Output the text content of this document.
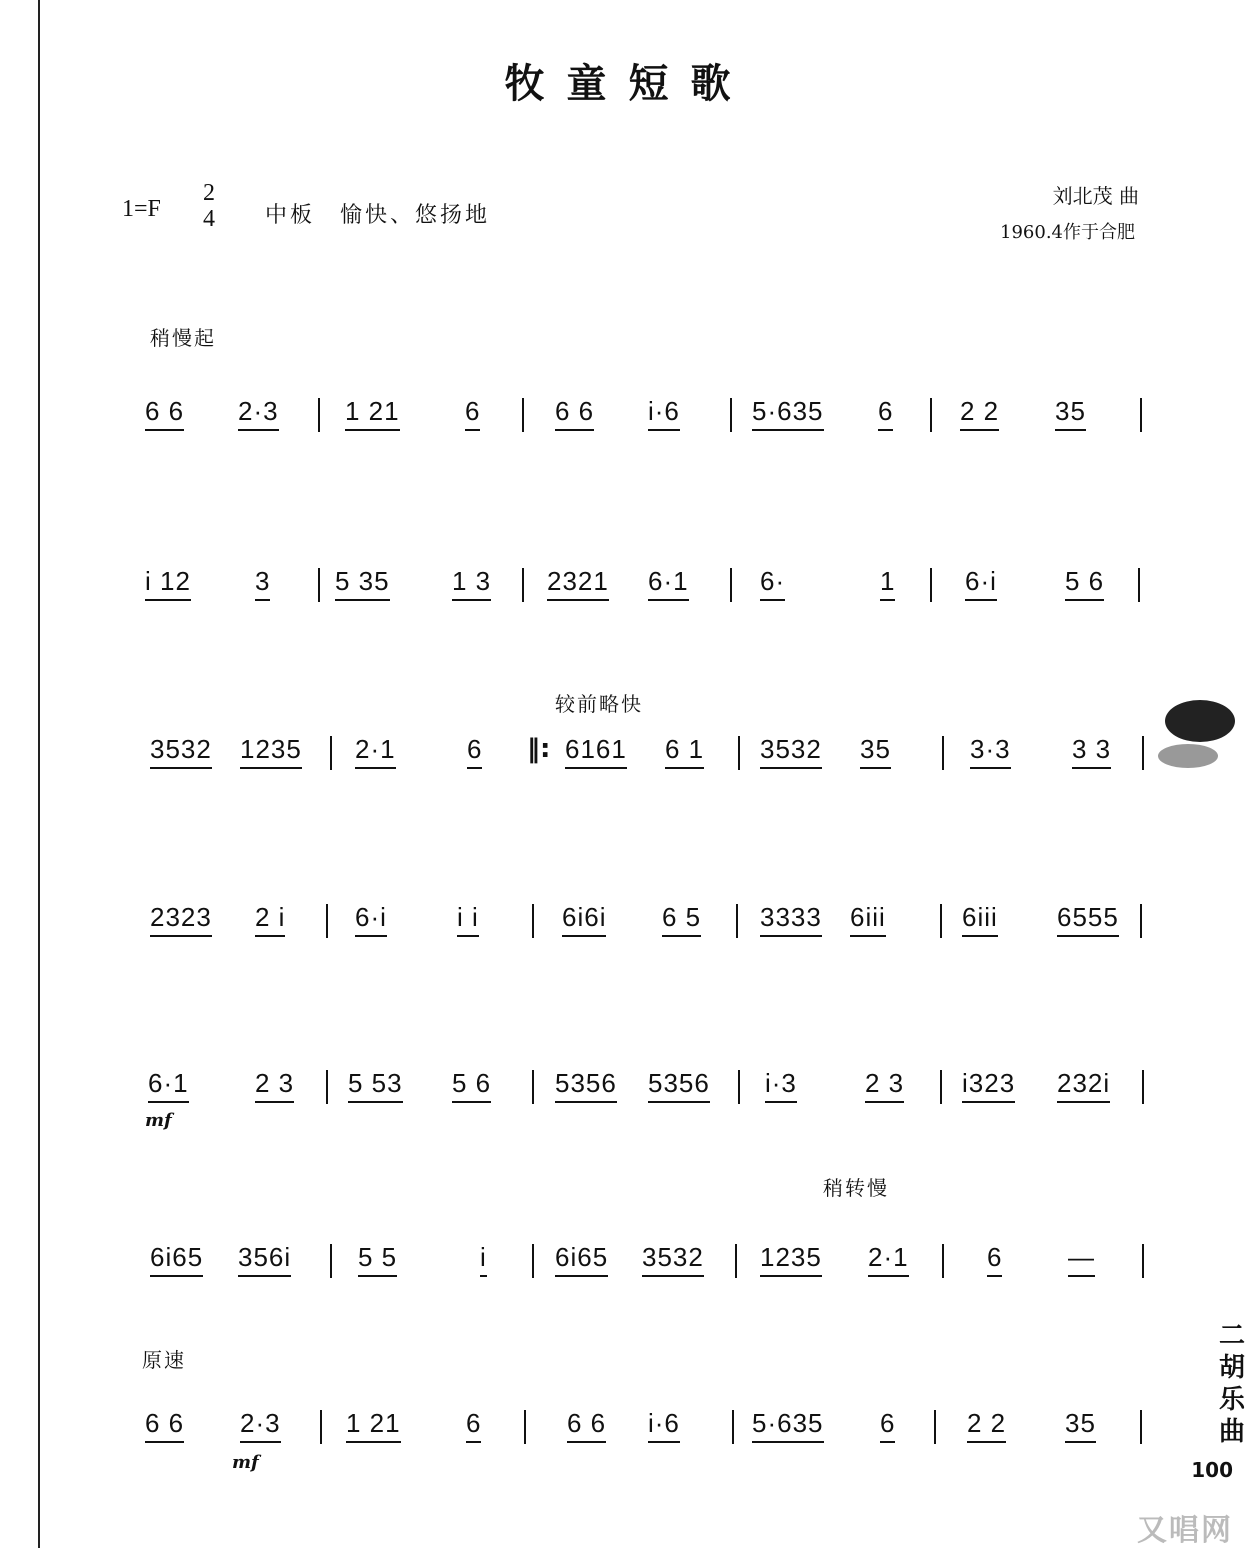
牧童短歌
1=F
2
4 中板　愉快、悠扬地
刘北茂 曲
1960.4作于合肥
稍慢起
较前略快
稍转慢
原速
mf
mf
6 6 2·3	1 21	6	6 6 i·6	5·635 6	2 2 35
i 12 3 5 35 1 3 2321 6·1	6·	1	6·i	5 6
3532 1235 2·1	6 ‖: 6161 6 1 3532 35	3·3 3 3
2323 2 i	6·i	i i	6i6i 6 5 3333 6iii	6iii 6555
6·1	2 3 5 53 5 6 5356 5356 i·3	2 3 i323 232i
6i65 356i	5 5	i	6i65 3532 1235 2·1	6	—
6 6 2·3	1 21	6	6 6 i·6	5·635 6	2 2 35
二
胡
乐
曲
100
又唱网
